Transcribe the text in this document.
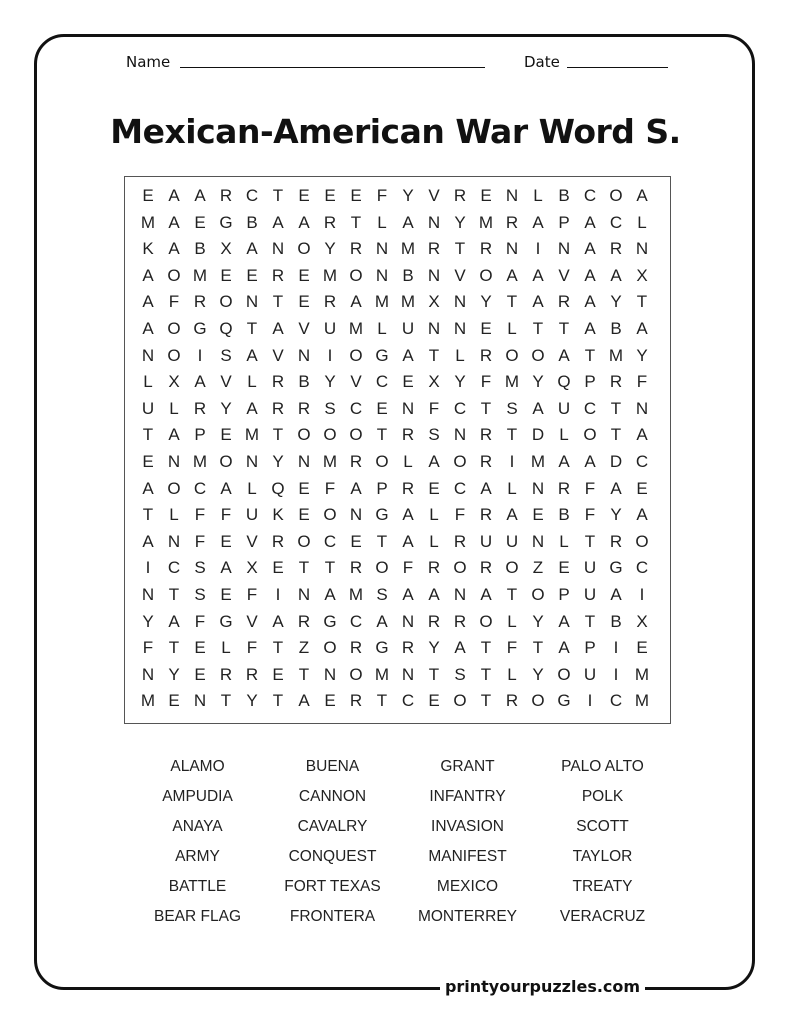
Name	Date
Mexican-American War Word S.
E A A R C T E E E F Y V R E N L B C O A
M A E G B A A R T L A N Y M R A P A C L
K A B X A N O Y R N M R T R N	I	N A R N
A O M E E R E M O N B N V O A A V A A X
A F R O N T E R A M M X N Y T A R A Y T
A O G Q T A V U M L U N N E L T T A B A
N O	I	S A V N	I	O G A T L R O O A T M Y
L X A V L R B Y V C E X Y F M Y Q P R F
U L R Y A R R S C E N F C T S A U C T N
T A P E M T O O O T R S N R T D L O T A
E N M O N Y N M R O L A O R	I M A A D C
A O C A L Q E F A P R E C A L N R F A E
T L F F U K E O N G A L F R A E B F Y A
A N F E V R O C E T A L R U U N L T R O
I	C S A X E T T R O F R O R O Z E U G C
N T S E F	I	N A M S A A N A T O P U A	I
Y A F G V A R G C A N R R O L Y A T B X
F T E L F T Z O R G R Y A T F T A P	I	E
N Y E R R E T N O M N T S T L Y O U	I M
M E N T Y T A E R T C E O T R O G	I	C M
ALAMO	BUENA	GRANT	PALO ALTO
AMPUDIA	CANNON	INFANTRY	POLK
ANAYA	CAVALRY	INVASION	SCOTT
ARMY	CONQUEST	MANIFEST	TAYLOR
BATTLE	FORT TEXAS	MEXICO	TREATY
BEAR FLAG	FRONTERA	MONTERREY	VERACRUZ
printyourpuzzles.com
